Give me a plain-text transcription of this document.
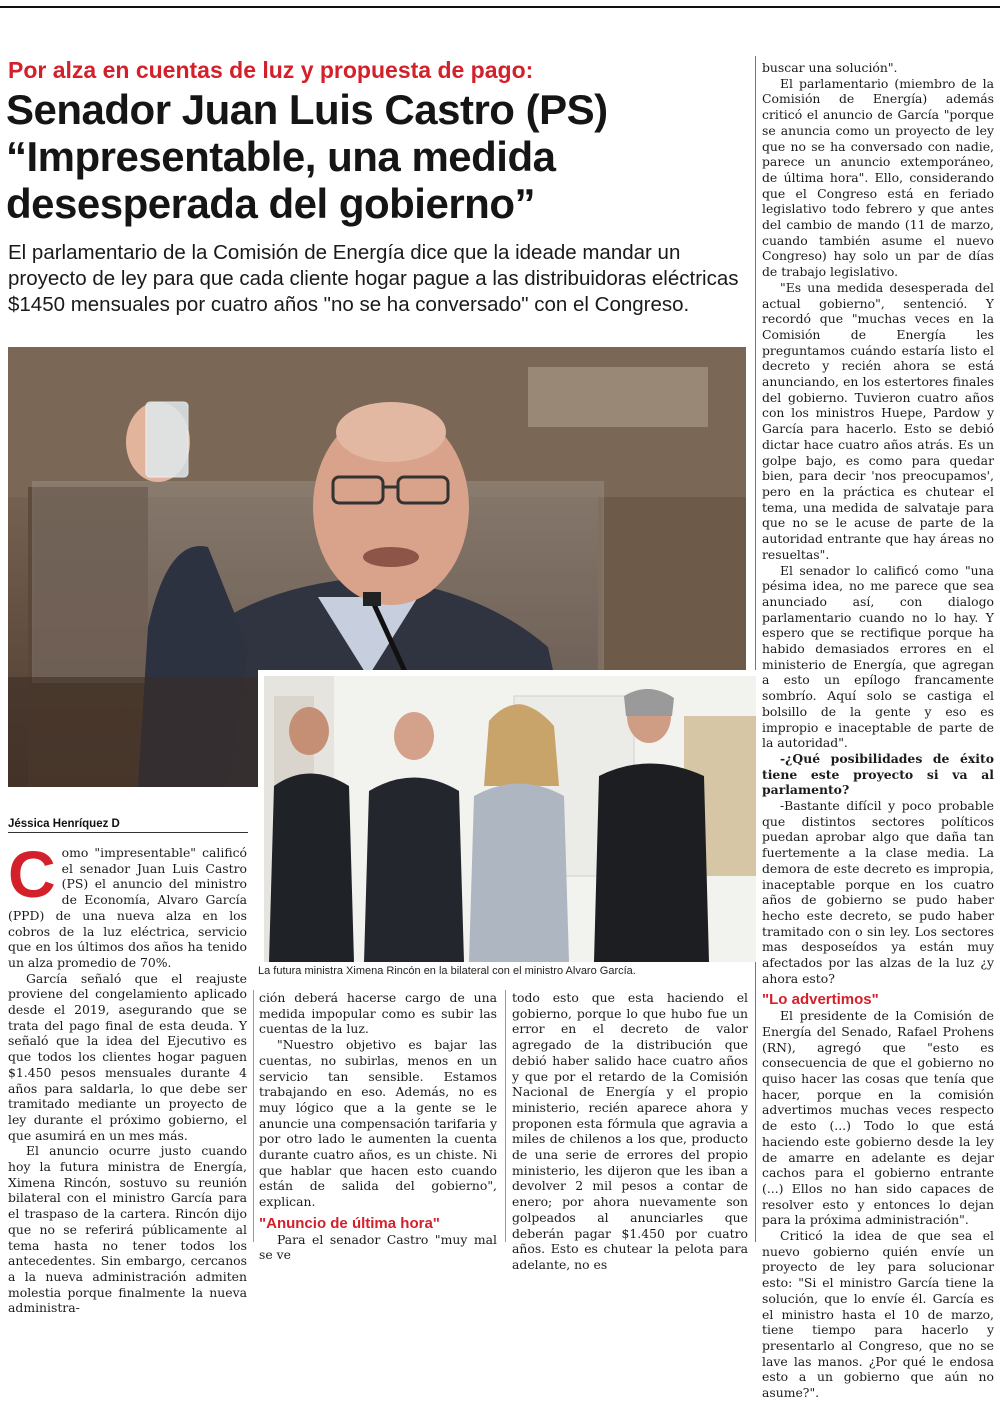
Por alza en cuentas de luz y propuesta de pago:
Senador Juan Luis Castro (PS)
“Impresentable, una medida
desesperada del gobierno”
El parlamentario de la Comisión de Energía dice que la ideade mandar un proyecto de ley para que cada cliente hogar pague a las distribuidoras eléctricas $1450 mensuales por cuatro años "no se ha conversado" con el Congreso.
La futura ministra Ximena Rincón en la bilateral con el ministro Alvaro García.
Jéssica Henríquez D

Como "impresentable" calificó el senador Juan Luis Castro (PS) el anuncio del ministro de Economía, Alvaro García (PPD) de una nueva alza en los cobros de la luz eléctrica, servicio que en los últimos dos años ha tenido un alza promedio de 70%.

García señaló que el reajuste proviene del congelamiento aplicado desde el 2019, asegurando que se trata del pago final de esta deuda. Y señaló que la idea del Ejecutivo es que todos los clientes hogar paguen $1.450 pesos mensuales durante 4 años para saldarla, lo que debe ser tramitado mediante un proyecto de ley durante el próximo gobierno, el que asumirá en un mes más.

El anuncio ocurre justo cuando hoy la futura ministra de Energía, Ximena Rincón, sostuvo su reunión bilateral con el ministro García para el traspaso de la cartera. Rincón dijo que no se referirá públicamente al tema hasta no tener todos los antecedentes. Sin embargo, cercanos a la nueva administración admiten molestia porque finalmente la nueva administra-

ción deberá hacerse cargo de una medida impopular como es subir las cuentas de la luz.

"Nuestro objetivo es bajar las cuentas, no subirlas, menos en un servicio tan sensible. Estamos trabajando en eso. Además, no es muy lógico que a la gente se le anuncie una compensación tarifaria y por otro lado le aumenten la cuenta durante cuatro años, es un chiste. Ni que hablar que hacen esto cuando están de salida del gobierno", explican.

"Anuncio de última hora"

Para el senador Castro "muy mal se ve

todo esto que esta haciendo el gobierno, porque lo que hubo fue un error en el decreto de valor agregado de la distribución que debió haber salido hace cuatro años y que por el retardo de la Comisión Nacional de Energía y el propio ministerio, recién aparece ahora y proponen esta fórmula que agravia a miles de chilenos a los que, producto de una serie de errores del propio ministerio, les dijeron que les iban a devolver 2 mil pesos a contar de enero; por ahora nuevamente son golpeados al anunciarles que deberán pagar $1.450 por cuatro años. Esto es chutear la pelota para adelante, no es

buscar una solución".

El parlamentario (miembro de la Comisión de Energía) además criticó el anuncio de García "porque se anuncia como un proyecto de ley que no se ha conversado con nadie, parece un anuncio extemporáneo, de última hora". Ello, considerando que el Congreso está en feriado legislativo todo febrero y que antes del cambio de mando (11 de marzo, cuando también asume el nuevo Congreso) hay solo un par de días de trabajo legislativo.

"Es una medida desesperada del actual gobierno", sentenció. Y recordó que "muchas veces en la Comisión de Energía les preguntamos cuándo estaría listo el decreto y recién ahora se está anunciando, en los estertores finales del gobierno. Tuvieron cuatro años con los ministros Huepe, Pardow y García para hacerlo. Esto se debió dictar hace cuatro años atrás. Es un golpe bajo, es como para quedar bien, para decir 'nos preocupamos', pero en la práctica es chutear el tema, una medida de salvataje para que no se le acuse de parte de la autoridad entrante que hay áreas no resueltas".

El senador lo calificó como "una pésima idea, no me parece que sea anunciado así, con dialogo parlamentario cuando no lo hay. Y espero que se rectifique porque ha habido demasiados errores en el ministerio de Energía, que agregan a esto un epílogo francamente sombrío. Aquí solo se castiga el bolsillo de la gente y eso es impropio e inaceptable de parte de la autoridad".

-¿Qué posibilidades de éxito tiene este proyecto si va al parlamento?

-Bastante difícil y poco probable que distintos sectores políticos puedan aprobar algo que daña tan fuertemente a la clase media. La demora de este decreto es impropia, inaceptable porque en los cuatro años de gobierno se pudo haber hecho este decreto, se pudo haber tramitado con o sin ley. Los sectores mas desposeídos ya están muy afectados por las alzas de la luz ¿y ahora esto?

"Lo advertimos"

El presidente de la Comisión de Energía del Senado, Rafael Prohens (RN), agregó que "esto es consecuencia de que el gobierno no quiso hacer las cosas que tenía que hacer, porque en la comisión advertimos muchas veces respecto de esto (...) Todo lo que está haciendo este gobierno desde la ley de amarre en adelante es dejar cachos para el gobierno entrante (...) Ellos no han sido capaces de resolver esto y entonces lo dejan para la próxima administración".

Criticó la idea de que sea el nuevo gobierno quién envíe un proyecto de ley para solucionar esto: "Si el ministro García tiene la solución, que lo envíe él. García es el ministro hasta el 10 de marzo, tiene tiempo para hacerlo y presentarlo al Congreso, que no se lave las manos. ¿Por qué le endosa esto a un gobierno que aún no asume?".
